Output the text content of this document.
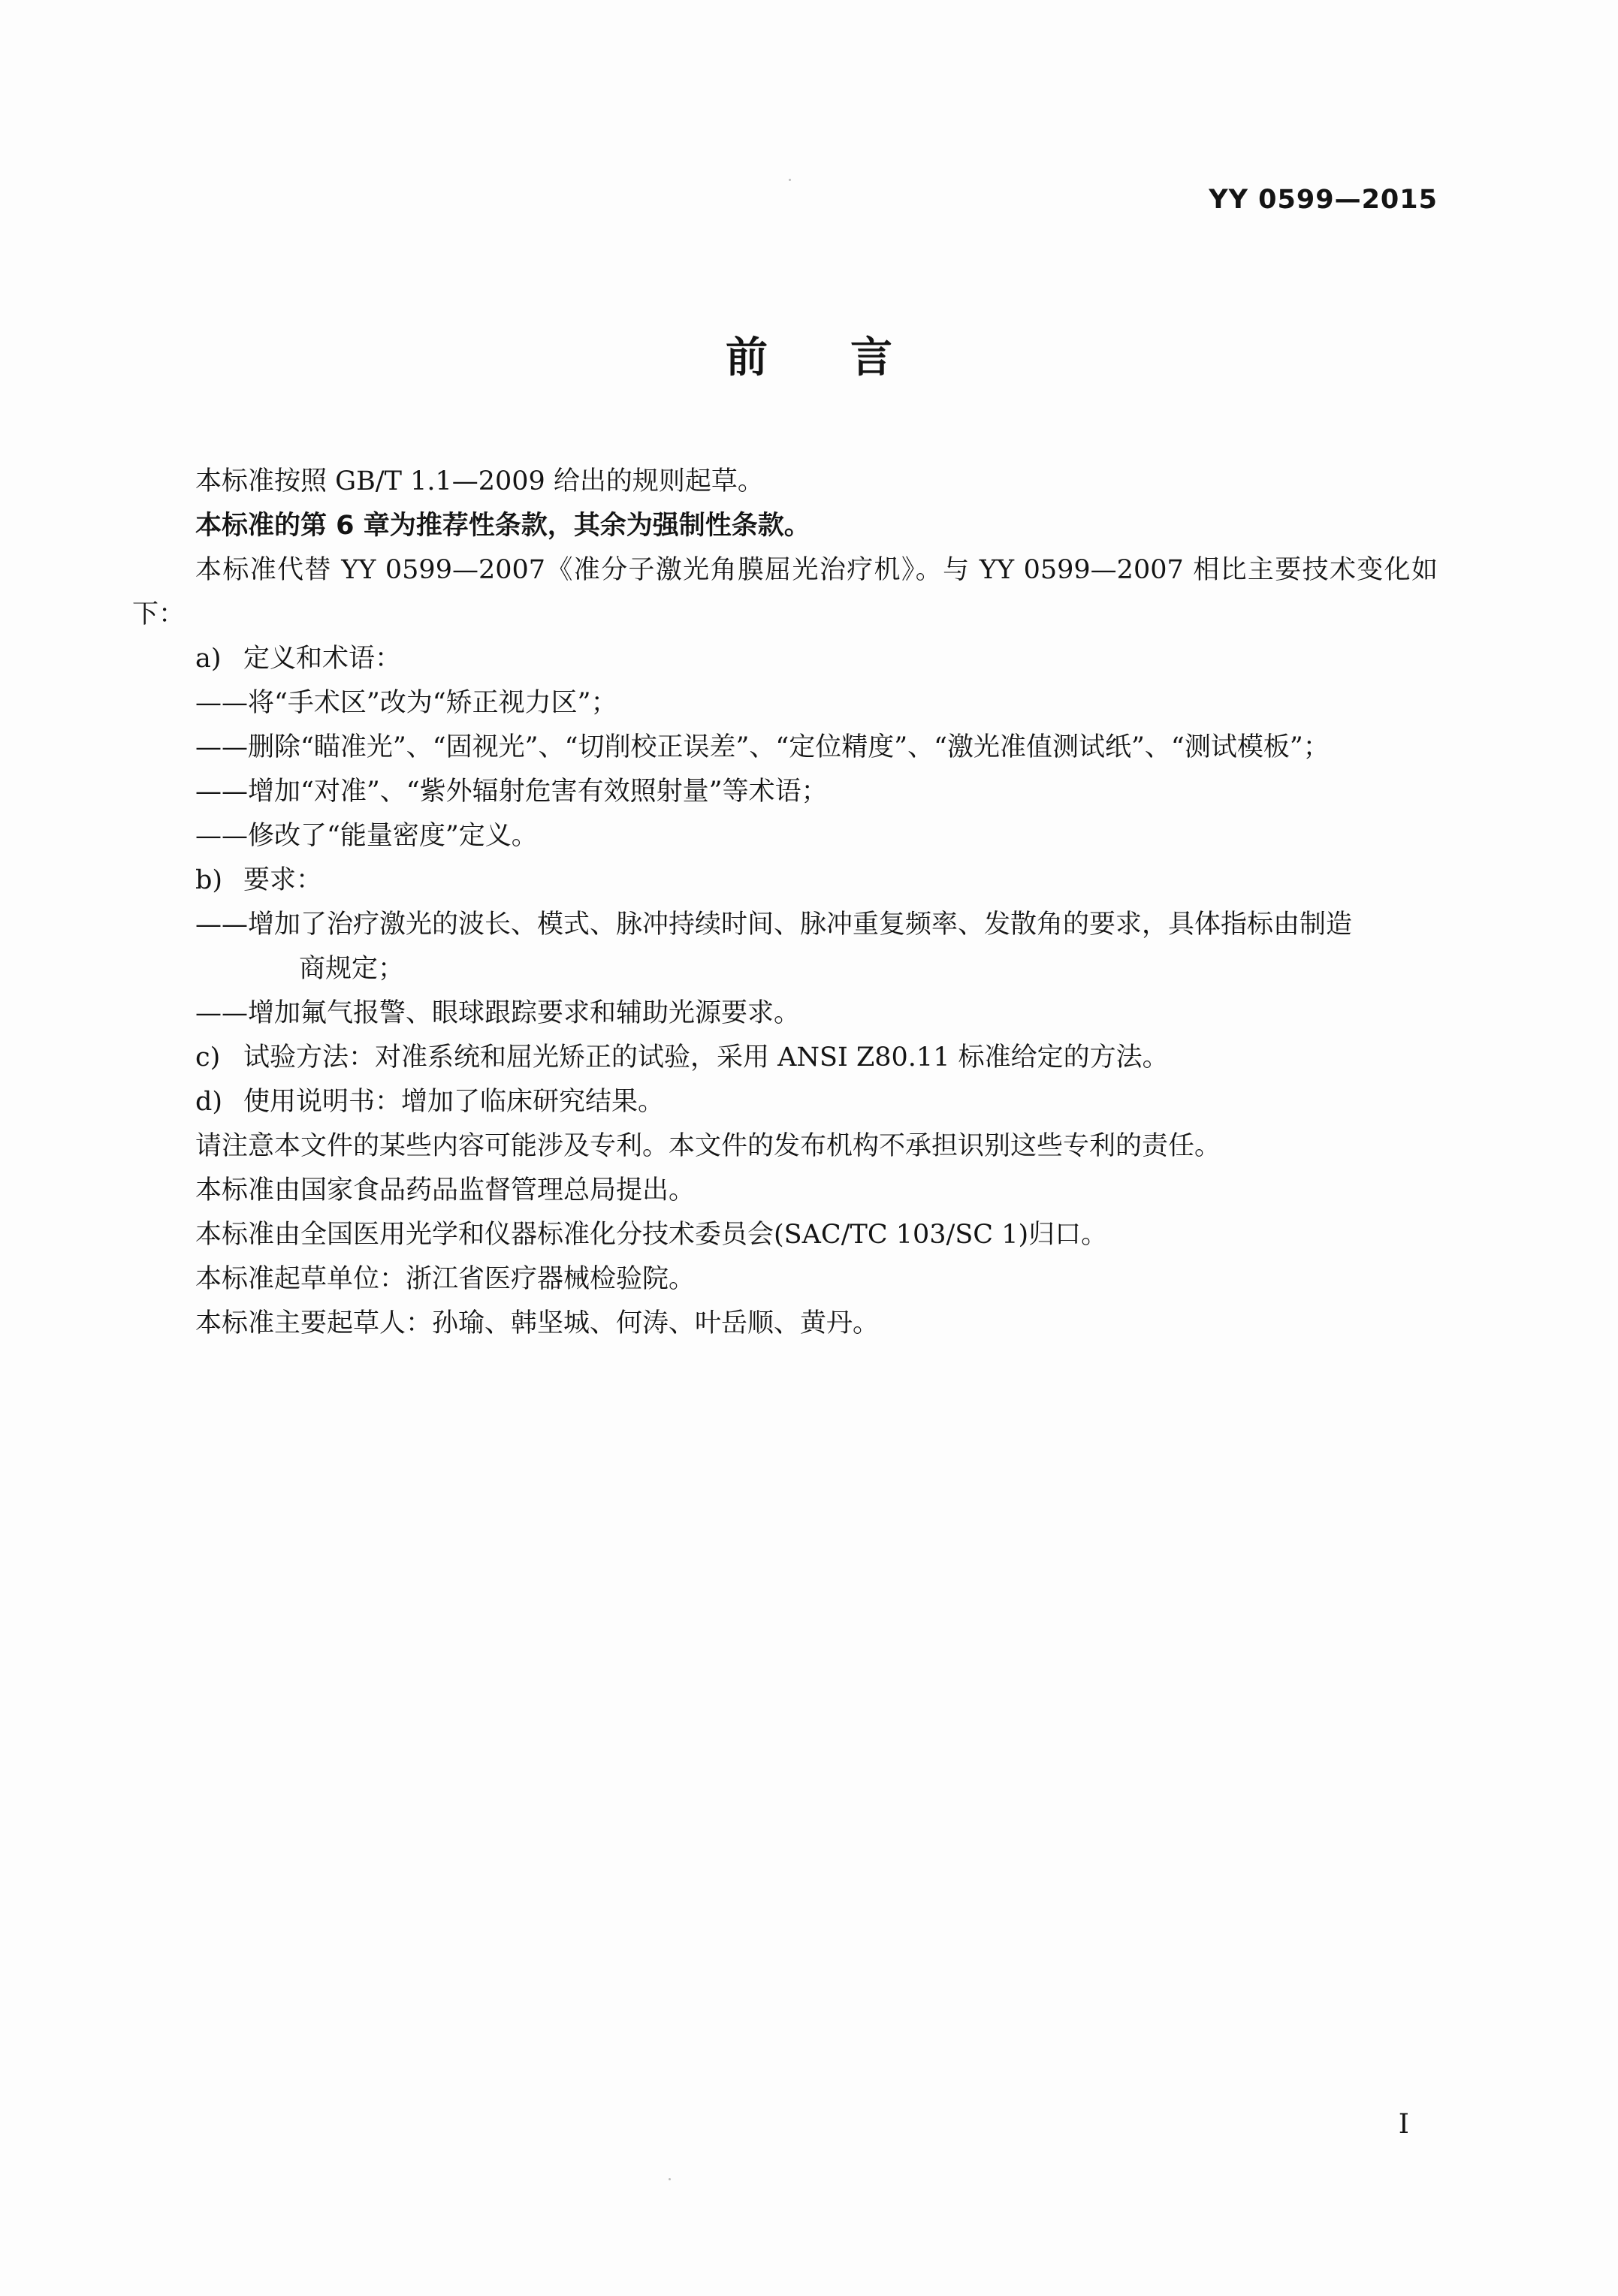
YY 0599—2015
前言
本标准按照 GB/T 1.1—2009 给出的规则起草。
本标准的第 6 章为推荐性条款，其余为强制性条款。
本标准代替 YY 0599—2007《准分子激光角膜屈光治疗机》。与 YY 0599—2007 相比主要技术变化如下：
a) 定义和术语：
——将“手术区”改为“矫正视力区”；
——删除“瞄准光”、“固视光”、“切削校正误差”、“定位精度”、“激光准值测试纸”、“测试模板”；
——增加“对准”、“紫外辐射危害有效照射量”等术语；
——修改了“能量密度”定义。
b) 要求：
——增加了治疗激光的波长、模式、脉冲持续时间、脉冲重复频率、发散角的要求，具体指标由制造
商规定；
——增加氟气报警、眼球跟踪要求和辅助光源要求。
c) 试验方法：对准系统和屈光矫正的试验，采用 ANSI Z80.11 标准给定的方法。
d) 使用说明书：增加了临床研究结果。
请注意本文件的某些内容可能涉及专利。本文件的发布机构不承担识别这些专利的责任。
本标准由国家食品药品监督管理总局提出。
本标准由全国医用光学和仪器标准化分技术委员会(SAC/TC 103/SC 1)归口。
本标准起草单位：浙江省医疗器械检验院。
本标准主要起草人：孙瑜、韩坚城、何涛、叶岳顺、黄丹。
I
